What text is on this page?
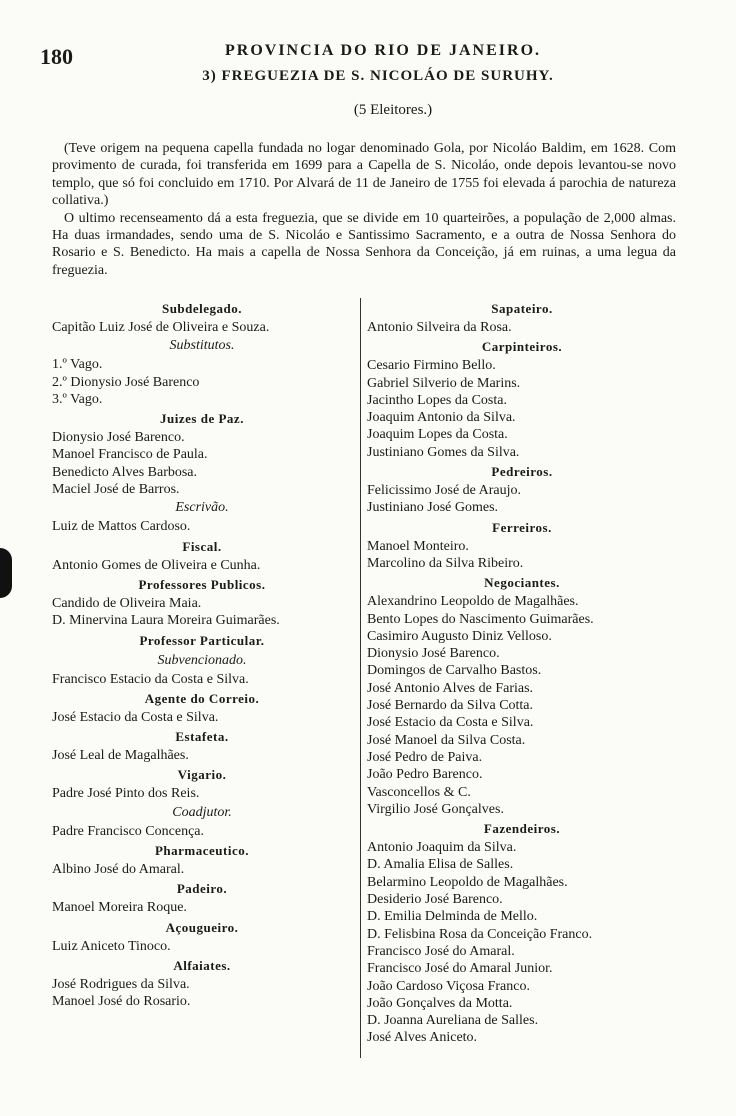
180	PROVINCIA DO RIO DE JANEIRO.
3) FREGUEZIA DE S. NICOLÁO DE SURUHY.
(5 Eleitores.)

(Teve origem na pequena capella fundada no logar denominado Gola, por Nicoláo Baldim, em 1628. Com provimento de curada, foi transferida em 1699 para a Capella de S. Nicoláo, onde depois levantou-se novo templo, que só foi concluido em 1710. Por Alvará de 11 de Janeiro de 1755 foi elevada á parochia de natureza collativa.)

O ultimo recenseamento dá a esta freguezia, que se divide em 10 quarteirões, a população de 2,000 almas. Ha duas irmandades, sendo uma de S. Nicoláo e Santissimo Sacramento, e a outra de Nossa Senhora do Rosario e S. Benedicto. Ha mais a capella de Nossa Senhora da Conceição, já em ruinas, a uma legua da freguezia.

Subdelegado.
Capitão Luiz José de Oliveira e Souza.
Substitutos.
1.º Vago.
2.º Dionysio José Barenco
3.º Vago.
Juizes de Paz.
Dionysio José Barenco.
Manoel Francisco de Paula.
Benedicto Alves Barbosa.
Maciel José de Barros.
Escrivão.
Luiz de Mattos Cardoso.
Fiscal.
Antonio Gomes de Oliveira e Cunha.
Professores Publicos.
Candido de Oliveira Maia.
D. Minervina Laura Moreira Guimarães.
Professor Particular.
Subvencionado.
Francisco Estacio da Costa e Silva.
Agente do Correio.
José Estacio da Costa e Silva.
Estafeta.
José Leal de Magalhães.
Vigario.
Padre José Pinto dos Reis.
Coadjutor.
Padre Francisco Concença.
Pharmaceutico.
Albino José do Amaral.
Padeiro.
Manoel Moreira Roque.
Açougueiro.
Luiz Aniceto Tinoco.
Alfaiates.
José Rodrigues da Silva.
Manoel José do Rosario.
Sapateiro.
Antonio Silveira da Rosa.
Carpinteiros.
Cesario Firmino Bello.
Gabriel Silverio de Marins.
Jacintho Lopes da Costa.
Joaquim Antonio da Silva.
Joaquim Lopes da Costa.
Justiniano Gomes da Silva.
Pedreiros.
Felicissimo José de Araujo.
Justiniano José Gomes.
Ferreiros.
Manoel Monteiro.
Marcolino da Silva Ribeiro.
Negociantes.
Alexandrino Leopoldo de Magalhães.
Bento Lopes do Nascimento Guimarães.
Casimiro Augusto Diniz Velloso.
Dionysio José Barenco.
Domingos de Carvalho Bastos.
José Antonio Alves de Farias.
José Bernardo da Silva Cotta.
José Estacio da Costa e Silva.
José Manoel da Silva Costa.
José Pedro de Paiva.
João Pedro Barenco.
Vasconcellos & C.
Virgilio José Gonçalves.
Fazendeiros.
Antonio Joaquim da Silva.
D. Amalia Elisa de Salles.
Belarmino Leopoldo de Magalhães.
Desiderio José Barenco.
D. Emilia Delminda de Mello.
D. Felisbina Rosa da Conceição Franco.
Francisco José do Amaral.
Francisco José do Amaral Junior.
João Cardoso Viçosa Franco.
João Gonçalves da Motta.
D. Joanna Aureliana de Salles.
José Alves Aniceto.
